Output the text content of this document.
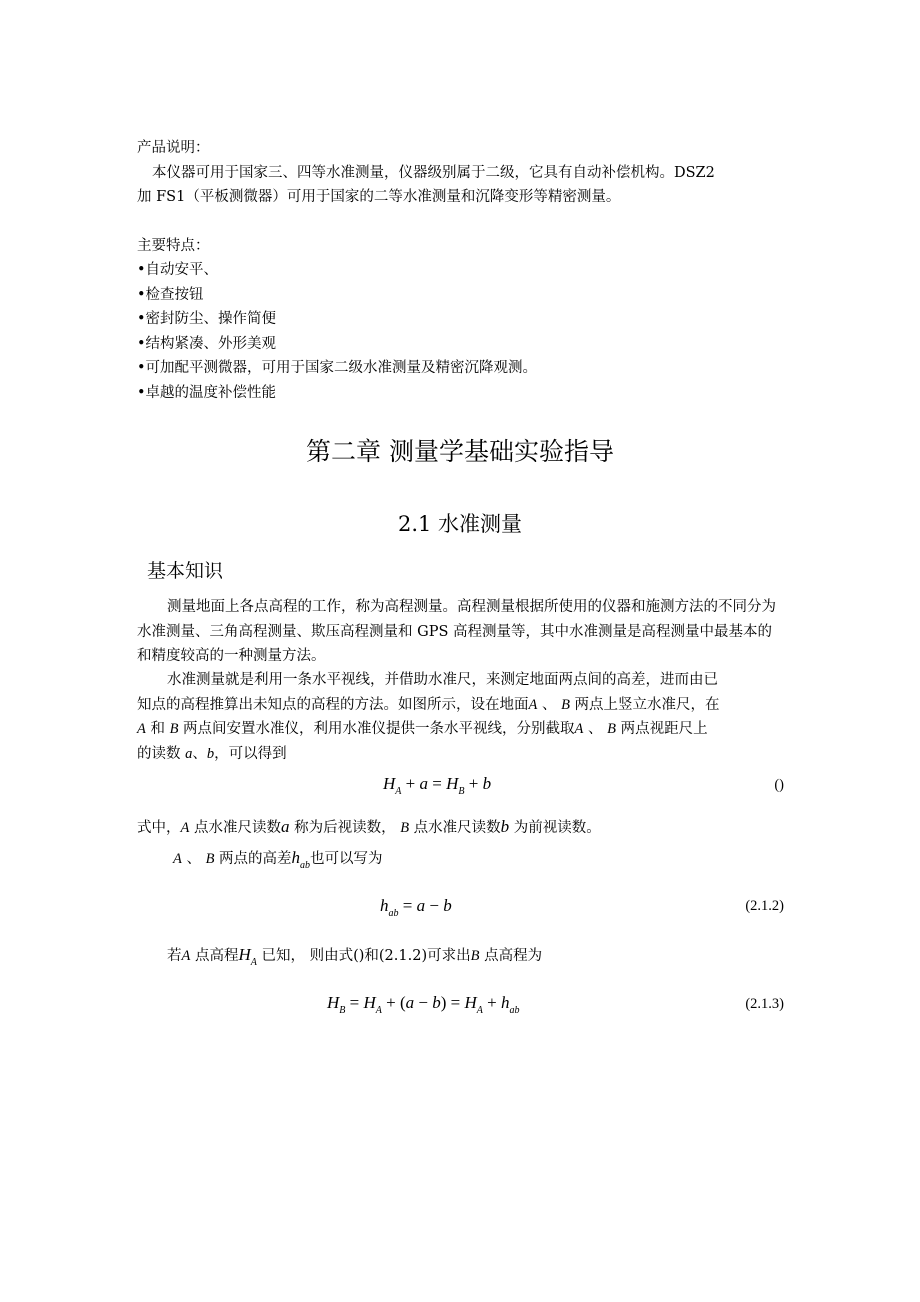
产品说明：
本仪器可用于国家三、四等水准测量，仪器级别属于二级，它具有自动补偿机构。DSZ2
加 FS1（平板测微器）可用于国家的二等水准测量和沉降变形等精密测量。
主要特点：
•自动安平、
•检查按钮
•密封防尘、操作简便
•结构紧凑、外形美观
•可加配平测微器，可用于国家二级水准测量及精密沉降观测。
•卓越的温度补偿性能
第二章 测量学基础实验指导
2.1 水准测量
基本知识
测量地面上各点高程的工作，称为高程测量。高程测量根据所使用的仪器和施测方法的不同分为水准测量、三角高程测量、欺压高程测量和 GPS 高程测量等，其中水准测量是高程测量中最基本的和精度较高的一种测量方法。
水准测量就是利用一条水平视线，并借助水准尺，来测定地面两点间的高差，进而由已
知点的高程推算出未知点的高程的方法。如图所示，设在地面A 、 B 两点上竖立水准尺，在
A 和 B 两点间安置水准仪，利用水准仪提供一条水平视线，分别截取A 、 B 两点视距尺上
的读数 a、b，可以得到
$H_A + a = H_B + b$	()
式中，A 点水准尺读数a 称为后视读数， B 点水准尺读数b 为前视读数。
A 、 B 两点的高差$h_{ab}$也可以写为
$h_{ab} = a - b$	(2.1.2)
若A 点高程$H_A$ 已知， 则由式()和(2.1.2)可求出B 点高程为
$H_B = H_A + (a - b) = H_A + h_{ab}$	(2.1.3)
